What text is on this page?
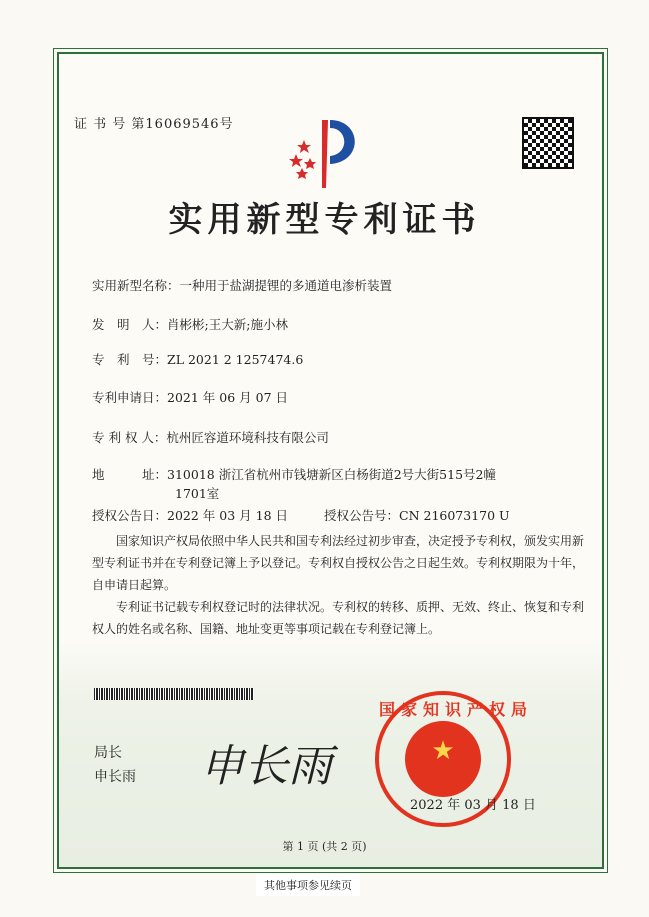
证 书 号 第16069546号
实用新型专利证书
实用新型名称：一种用于盐湖提锂的多通道电渗析装置
发　明　人：肖彬彬;王大新;施小林
专　利　号：ZL 2021 2 1257474.6
专利申请日：2021 年 06 月 07 日
专 利 权 人：杭州匠容道环境科技有限公司
地　　　址：310018 浙江省杭州市钱塘新区白杨街道2号大街515号2幢
1701室
授权公告日：2022 年 03 月 18 日	授权公告号：CN 216073170 U
国家知识产权局依照中华人民共和国专利法经过初步审查，决定授予专利权，颁发实用新型专利证书并在专利登记簿上予以登记。专利权自授权公告之日起生效。专利权期限为十年，自申请日起算。
专利证书记载专利权登记时的法律状况。专利权的转移、质押、无效、终止、恢复和专利权人的姓名或名称、国籍、地址变更等事项记载在专利登记簿上。
局长
申长雨 申长雨
国家知识产权局
★
2022 年 03 月 18 日
第 1 页 (共 2 页)
其他事项参见续页
